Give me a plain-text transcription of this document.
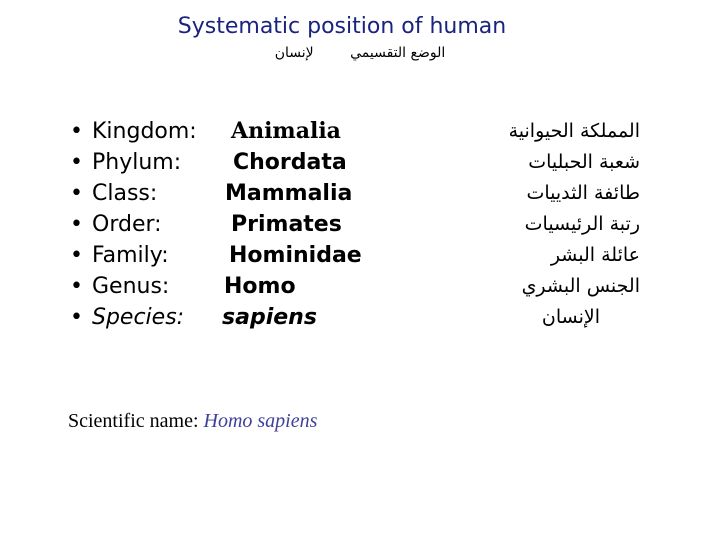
Systematic position of human
لإنسان	الوضع التقسيمي
• Kingdom: Animalia	المملكة الحيوانية
• Phylum: Chordata	شعبة الحبليات
• Class:	Mammalia	طائفة الثدييات
• Order:	Primates	رتبة الرئيسيات
• Family:	Hominidae	عائلة البشر
• Genus: Homo	الجنس البشري
• Species: sapiens	الإنسان
Scientific name: Homo sapiens
